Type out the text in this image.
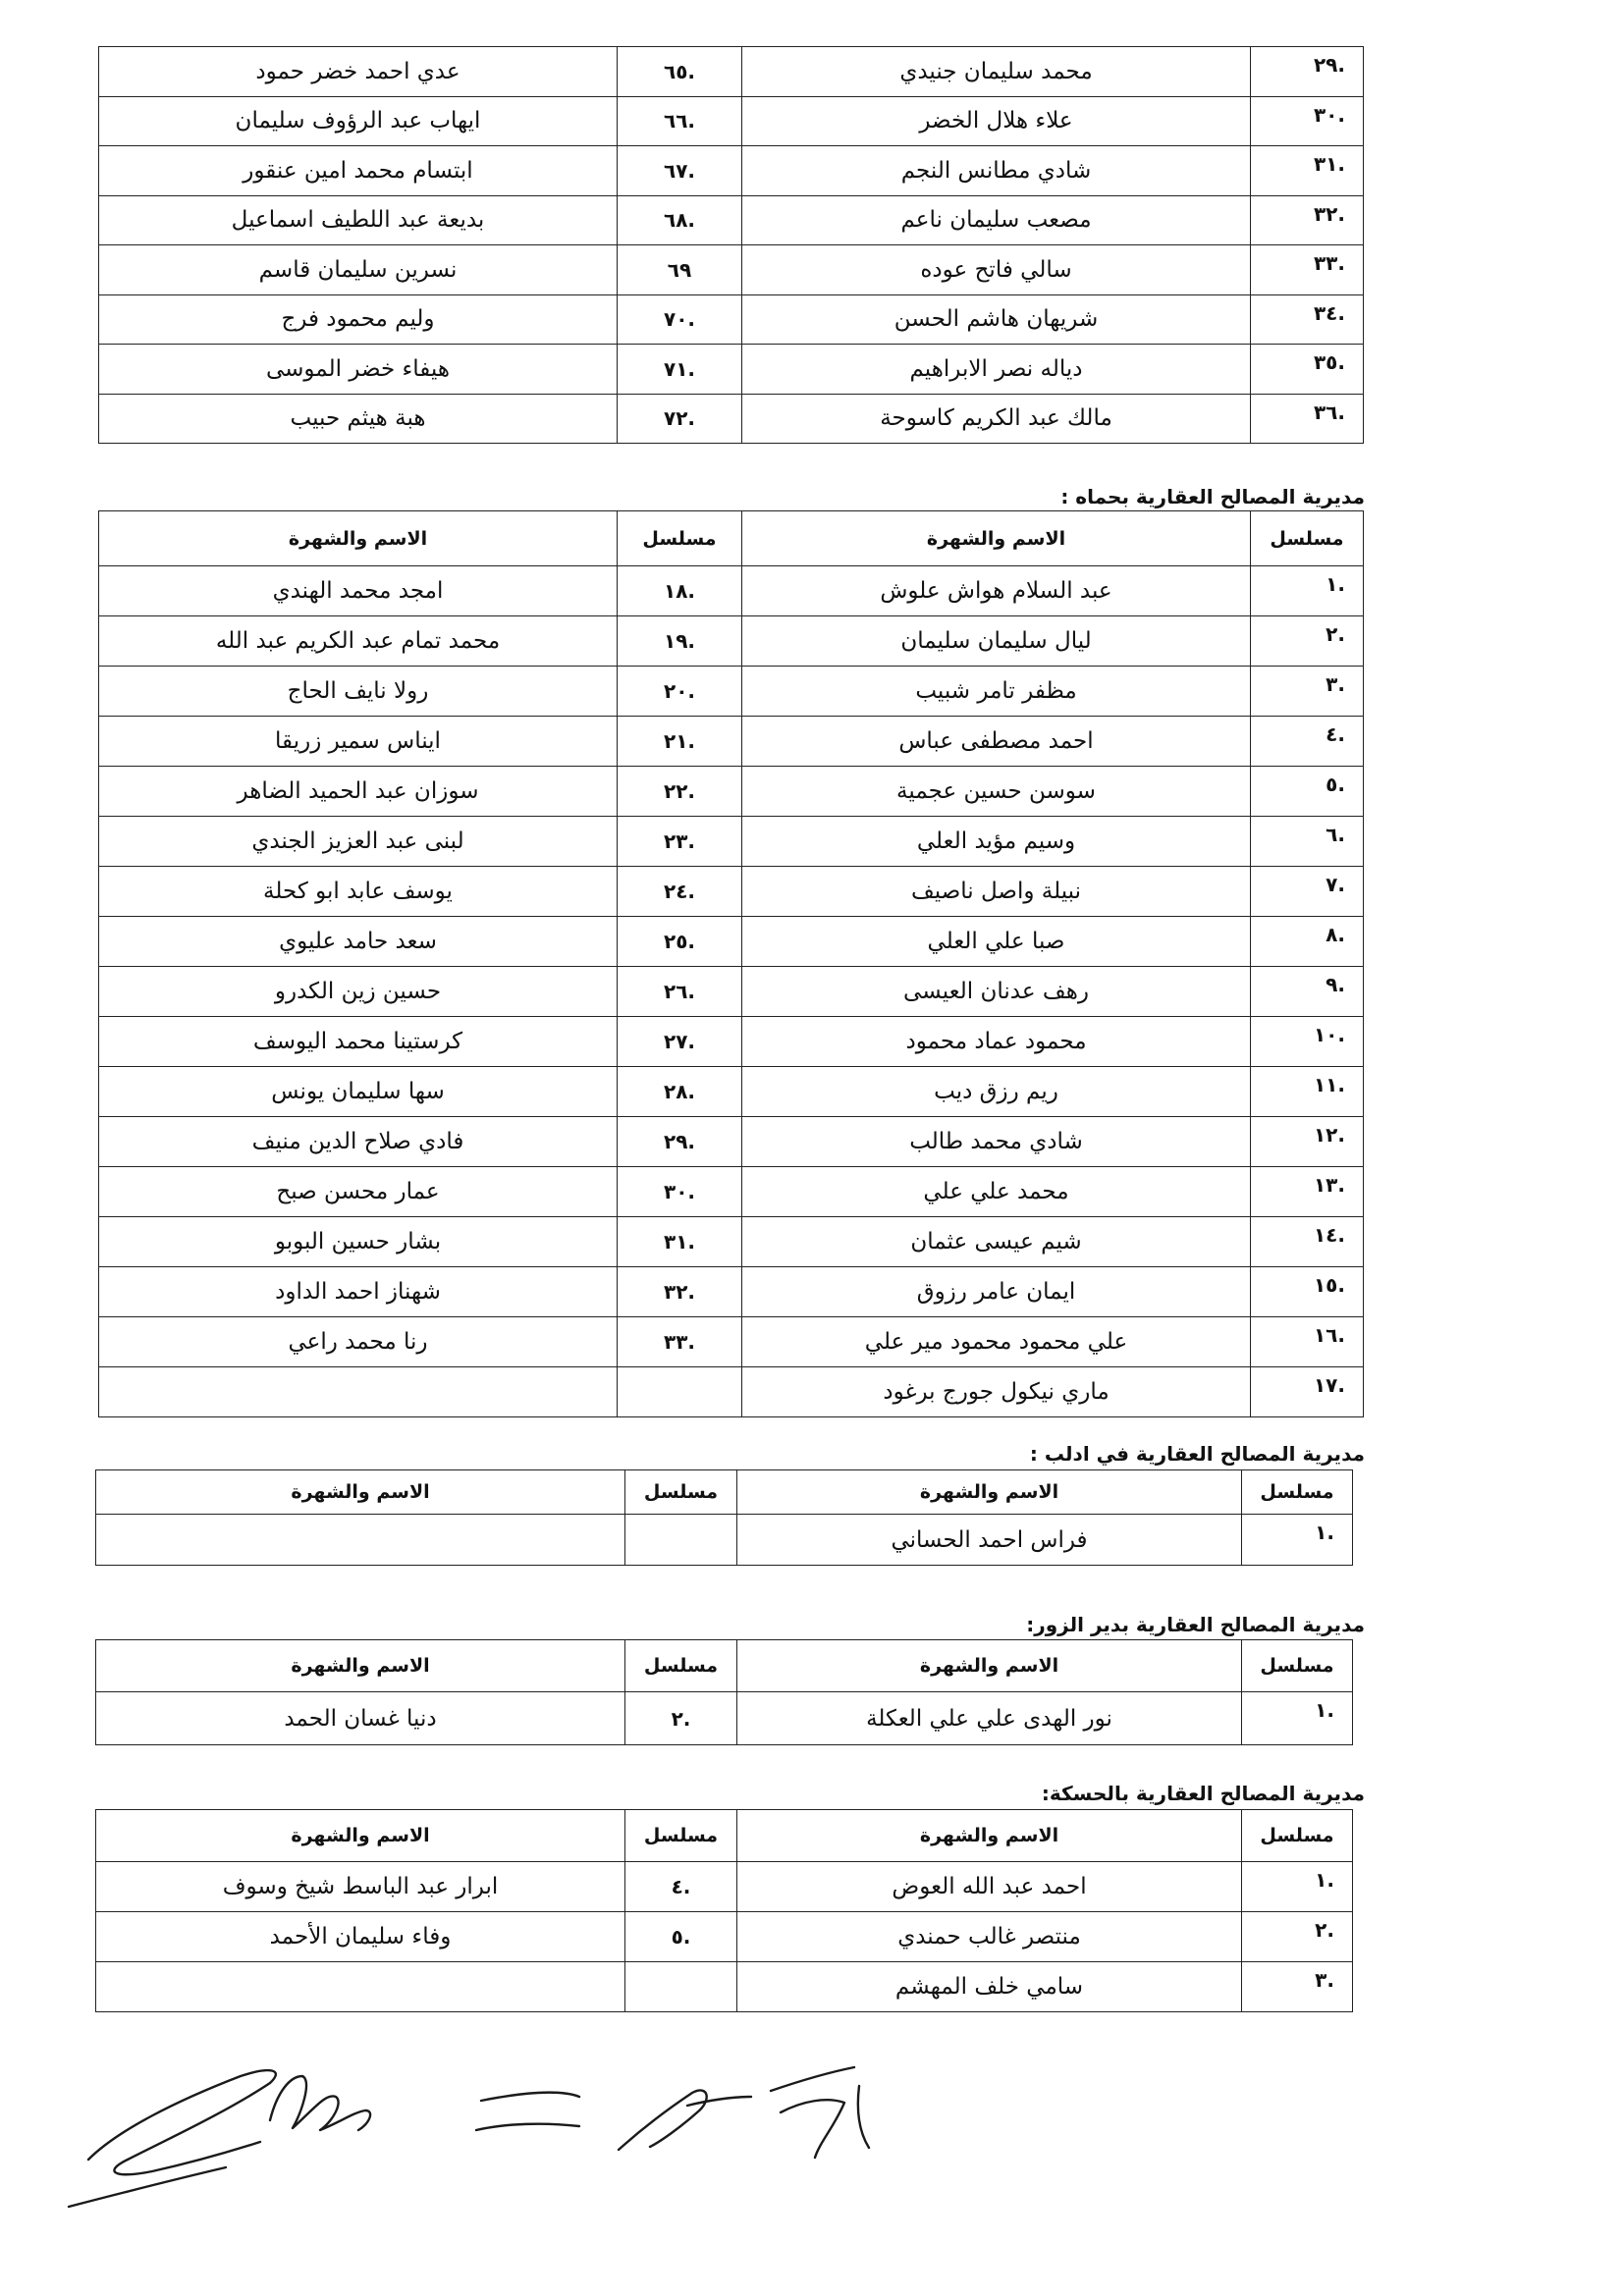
.٢٩	محمد سليمان جنيدي	.٦٥	عدي احمد خضر حمود
.٣٠	علاء هلال الخضر	.٦٦	ايهاب عبد الرؤوف سليمان
.٣١	شادي مطانس النجم	.٦٧	ابتسام محمد امين عنقور
.٣٢	مصعب سليمان ناعم	.٦٨	بديعة عبد اللطيف اسماعيل
.٣٣	سالي فاتح عوده	٦٩	نسرين سليمان قاسم
.٣٤	شريهان هاشم الحسن	.٧٠	وليم محمود فرج
.٣٥	دياله نصر الابراهيم	.٧١	هيفاء خضر الموسى
.٣٦	مالك عبد الكريم كاسوحة	.٧٢	هبة هيثم حبيب
مديرية المصالح العقارية بحماه :
مسلسل	الاسم والشهرة	مسلسل	الاسم والشهرة
.١	عبد السلام هواش علوش	.١٨	امجد محمد الهندي
.٢	ليال سليمان سليمان	.١٩	محمد تمام عبد الكريم عبد الله
.٣	مظفر تامر شبيب	.٢٠	رولا نايف الحاج
.٤	احمد مصطفى عباس	.٢١	ايناس سمير زريقا
.٥	سوسن حسين عجمية	.٢٢	سوزان عبد الحميد الضاهر
.٦	وسيم مؤيد العلي	.٢٣	لبنى عبد العزيز الجندي
.٧	نبيلة واصل ناصيف	.٢٤	يوسف عابد ابو كحلة
.٨	صبا علي العلي	.٢٥	سعد حامد عليوي
.٩	رهف عدنان العيسى	.٢٦	حسين زين الكدرو
.١٠	محمود عماد محمود	.٢٧	كرستينا محمد اليوسف
.١١	ريم رزق ديب	.٢٨	سها سليمان يونس
.١٢	شادي محمد طالب	.٢٩	فادي صلاح الدين منيف
.١٣	محمد علي علي	.٣٠	عمار محسن صبح
.١٤	شيم عيسى عثمان	.٣١	بشار حسين البوبو
.١٥	ايمان عامر رزوق	.٣٢	شهناز احمد الداود
.١٦	علي محمود محمود مير علي	.٣٣	رنا محمد راعي
.١٧	ماري نيكول جورج برغود		
مديرية المصالح العقارية في ادلب :
مسلسل	الاسم والشهرة	مسلسل	الاسم والشهرة
.١	فراس احمد الحساني		
مديرية المصالح العقارية بدير الزور:
مسلسل	الاسم والشهرة	مسلسل	الاسم والشهرة
.١	نور الهدى علي علي العكلة	.٢	دنيا غسان الحمد
مديرية المصالح العقارية بالحسكة:
مسلسل	الاسم والشهرة	مسلسل	الاسم والشهرة
.١	احمد عبد الله العوض	.٤	ابرار عبد الباسط شيخ وسوف
.٢	منتصر غالب حمندي	.٥	وفاء سليمان الأحمد
.٣	سامي خلف المهشم		
